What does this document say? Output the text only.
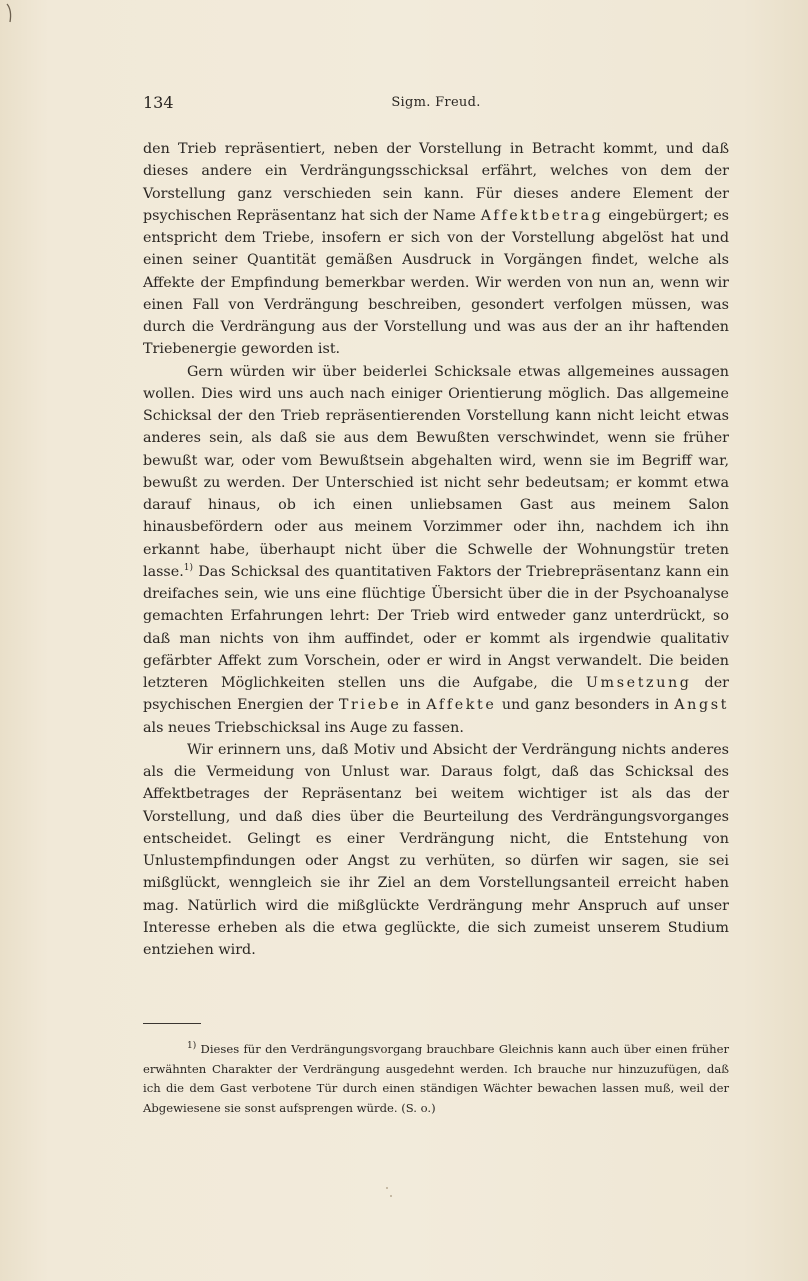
134	Sigm. Freud.

den Trieb repräsentiert, neben der Vorstellung in Betracht kommt, und daß dieses andere ein Verdrängungsschicksal erfährt, welches von dem der Vorstellung ganz verschieden sein kann. Für dieses andere Element der psychischen Repräsentanz hat sich der Name Affektbetrag eingebürgert; es entspricht dem Triebe, insofern er sich von der Vorstellung abgelöst hat und einen seiner Quantität gemäßen Ausdruck in Vorgängen findet, welche als Affekte der Empfindung bemerkbar werden. Wir werden von nun an, wenn wir einen Fall von Verdrängung beschreiben, gesondert verfolgen müssen, was durch die Verdrängung aus der Vorstellung und was aus der an ihr haftenden Triebenergie geworden ist.

Gern würden wir über beiderlei Schicksale etwas allgemeines aussagen wollen. Dies wird uns auch nach einiger Orientierung möglich. Das allgemeine Schicksal der den Trieb repräsentierenden Vorstellung kann nicht leicht etwas anderes sein, als daß sie aus dem Bewußten verschwindet, wenn sie früher bewußt war, oder vom Bewußtsein abgehalten wird, wenn sie im Begriff war, bewußt zu werden. Der Unterschied ist nicht sehr bedeutsam; er kommt etwa darauf hinaus, ob ich einen unliebsamen Gast aus meinem Salon hinausbefördern oder aus meinem Vorzimmer oder ihn, nachdem ich ihn erkannt habe, überhaupt nicht über die Schwelle der Wohnungstür treten lasse.$^{1)}$ Das Schicksal des quantitativen Faktors der Triebrepräsentanz kann ein dreifaches sein, wie uns eine flüchtige Übersicht über die in der Psychoanalyse gemachten Erfahrungen lehrt: Der Trieb wird entweder ganz unterdrückt, so daß man nichts von ihm auffindet, oder er kommt als irgendwie qualitativ gefärbter Affekt zum Vorschein, oder er wird in Angst verwandelt. Die beiden letzteren Möglichkeiten stellen uns die Aufgabe, die Umsetzung der psychischen Energien der Triebe in Affekte und ganz besonders in Angst als neues Triebschicksal ins Auge zu fassen.

Wir erinnern uns, daß Motiv und Absicht der Verdrängung nichts anderes als die Vermeidung von Unlust war. Daraus folgt, daß das Schicksal des Affektbetrages der Repräsentanz bei weitem wichtiger ist als das der Vorstellung, und daß dies über die Beurteilung des Verdrängungsvorganges entscheidet. Gelingt es einer Verdrängung nicht, die Entstehung von Unlustempfindungen oder Angst zu verhüten, so dürfen wir sagen, sie sei mißglückt, wenngleich sie ihr Ziel an dem Vorstellungsanteil erreicht haben mag. Natürlich wird die mißglückte Verdrängung mehr Anspruch auf unser Interesse erheben als die etwa geglückte, die sich zumeist unserem Studium entziehen wird.

$^{1)}$ Dieses für den Verdrängungsvorgang brauchbare Gleichnis kann auch über einen früher erwähnten Charakter der Verdrängung ausgedehnt werden. Ich brauche nur hinzuzufügen, daß ich die dem Gast verbotene Tür durch einen ständigen Wächter bewachen lassen muß, weil der Abgewiesene sie sonst aufsprengen würde. (S. o.)
